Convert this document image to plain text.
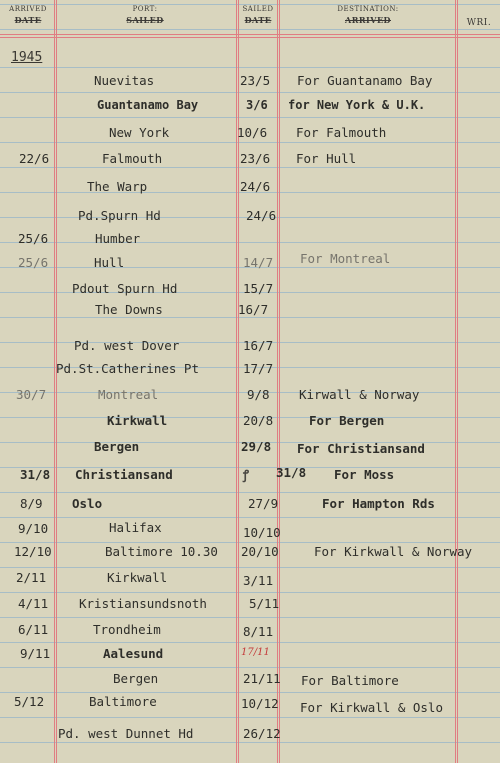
ARRIVED
DATE
PORT:
SAILED
SAILED
DATE
DESTINATION:
ARRIVED	WRI.
1945
Nuevitas	23/5 For Guantanamo Bay
Guantanamo Bay	3/6 for New York & U.K.
New York	10/6 For Falmouth
22/6	Falmouth	23/6 For Hull
The Warp	24/6
Pd.Spurn Hd	24/6
25/6	Humber
25/6	Hull	14/7 For Montreal
Pdout Spurn Hd	15/7
The Downs	16/7
Pd. west Dover	16/7
Pd.St.Catherines Pt	17/7
30/7	Montreal	9/8 Kirwall & Norway
Kirkwall	20/8	For Bergen
Bergen	29/8 For Christiansand
31/8 Christiansand	ꝭ 31/8 For Moss
8/9 Oslo	27/9	For Hampton Rds
9/10	Halifax	10/10
12/10	Baltimore 10.30 20/10	For Kirkwall & Norway
2/11	Kirkwall	3/11
4/11 Kristiansundsnoth	5/11
6/11	Trondheim	8/11
9/11	Aalesund	17/11
Bergen	21/11 For Baltimore
5/12	Baltimore	10/12 For Kirkwall & Oslo
Pd. west Dunnet Hd	26/12
